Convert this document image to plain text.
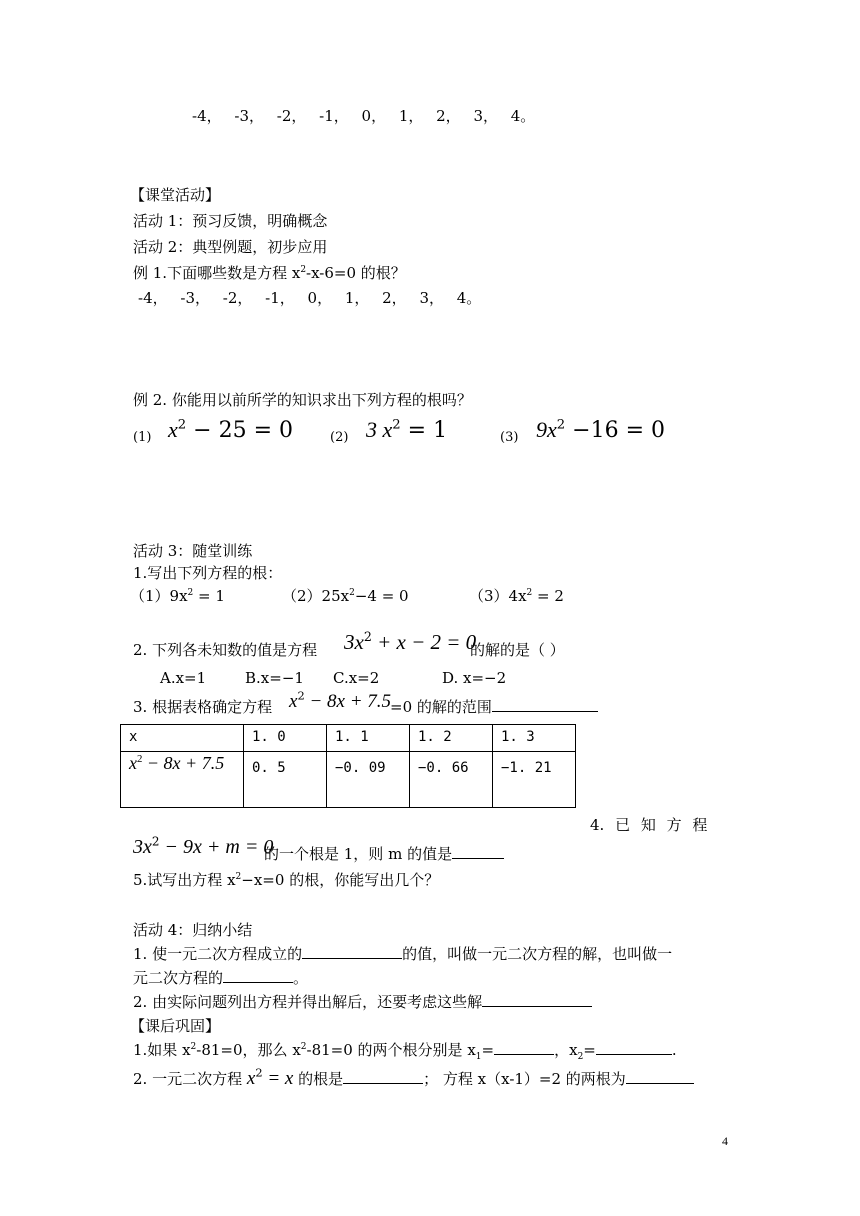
-4， -3， -2， -1， 0， 1， 2， 3， 4。
【课堂活动】
活动 1：预习反馈，明确概念
活动 2：典型例题，初步应用
例 1.下面哪些数是方程 $x^2-x-6=0$ 的根？
-4， -3， -2， -1， 0， 1， 2， 3， 4。
例 2. 你能用以前所学的知识求出下列方程的根吗？
(1) $x^2 - 25 = 0$	(2) 3 $x^2 = 1$	(3) $9x^2 -16 = 0$
活动 3：随堂训练
1.写出下列方程的根：
$(1)9x^2 = 1$	$(2)25x^2-4 = 0$	$(3)4x^2 = 2$
2. 下列各未知数的值是方程 $3x^2 + x - 2 = 0$
的解的是（ ）
A.x=1	B.x=−1 C.x=2	D. x=−2
3. 根据表格确定方程 $x^2 - 8x + 7.5$
=0 的解的范围
x	1. 0	1. 1	1. 2	1. 3
$x^2 - 8x + 7.5$	0. 5	−0. 09	−0. 66	−1. 21
4. 已 知 方 程
$3x^2 - 9x + m = 0$
的一个根是 1，则 m 的值是
5.试写出方程 $x^2-x=0$ 的根，你能写出几个？
活动 4：归纳小结
1. 使一元二次方程成立的	的值，叫做一元二次方程的解，也叫做一
元二次方程的	。
2. 由实际问题列出方程并得出解后，还要考虑这些解
【课后巩固】
1.如果 $x^2-81=0$，那么 $x^2-81=0$ 的两个根分别是 $x_1=$	，$x_2=$	.
2. 一元二次方程 $x^2 = x$ 的根是	； 方程 x（x-1）=2 的两根为
4
